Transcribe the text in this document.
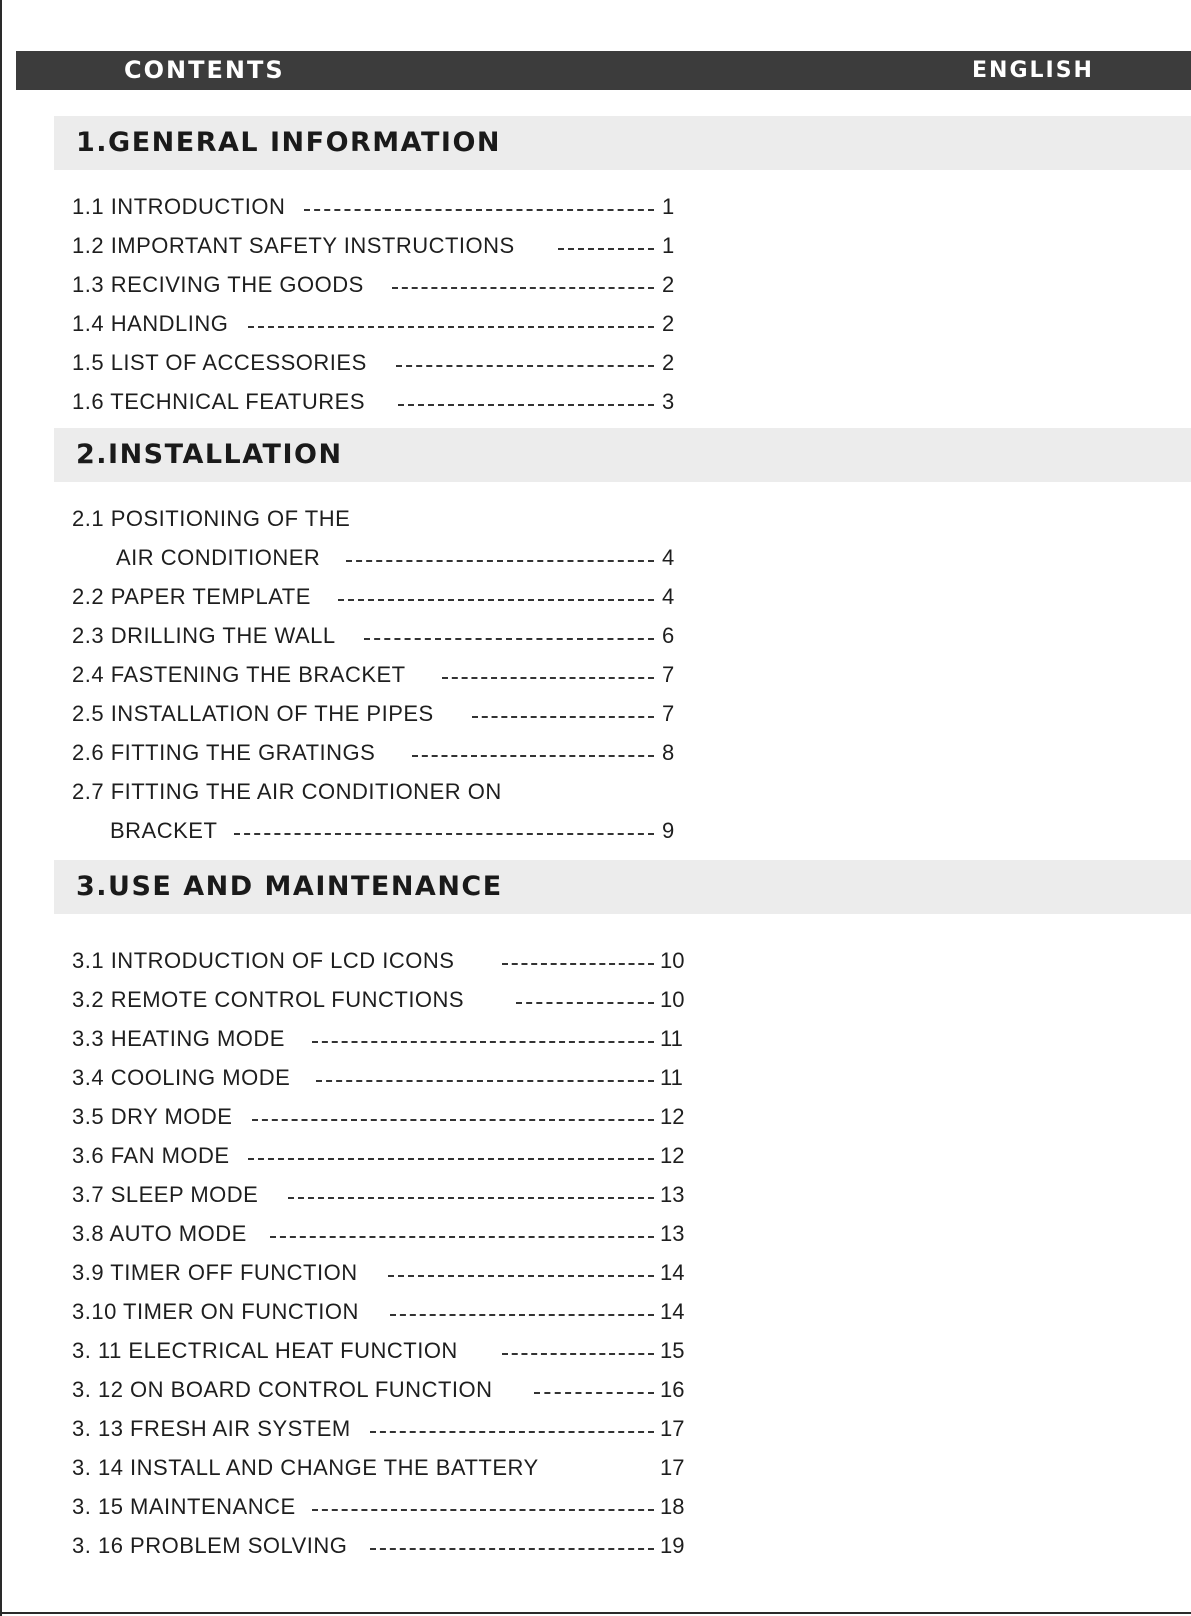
CONTENTS	ENGLISH
1.GENERAL INFORMATION
1.1 INTRODUCTION	1
1.2 IMPORTANT SAFETY INSTRUCTIONS	1
1.3 RECIVING THE GOODS	2
1.4 HANDLING	2
1.5 LIST OF ACCESSORIES	2
1.6 TECHNICAL FEATURES	3
2.INSTALLATION
2.1 POSITIONING OF THE
AIR CONDITIONER	4
2.2 PAPER TEMPLATE	4
2.3 DRILLING THE WALL	6
2.4 FASTENING THE BRACKET	7
2.5 INSTALLATION OF THE PIPES	7
2.6 FITTING THE GRATINGS	8
2.7 FITTING THE AIR CONDITIONER ON
BRACKET	9
3.USE AND MAINTENANCE
3.1 INTRODUCTION OF LCD ICONS	10
3.2 REMOTE CONTROL FUNCTIONS	10
3.3 HEATING MODE	11
3.4 COOLING MODE	11
3.5 DRY MODE	12
3.6 FAN MODE	12
3.7 SLEEP MODE	13
3.8 AUTO MODE	13
3.9 TIMER OFF FUNCTION	14
3.10 TIMER ON FUNCTION	14
3. 11 ELECTRICAL HEAT FUNCTION	15
3. 12 ON BOARD CONTROL FUNCTION	16
3. 13 FRESH AIR SYSTEM	17
3. 14 INSTALL AND CHANGE THE BATTERY	17
3. 15 MAINTENANCE	18
3. 16 PROBLEM SOLVING	19
